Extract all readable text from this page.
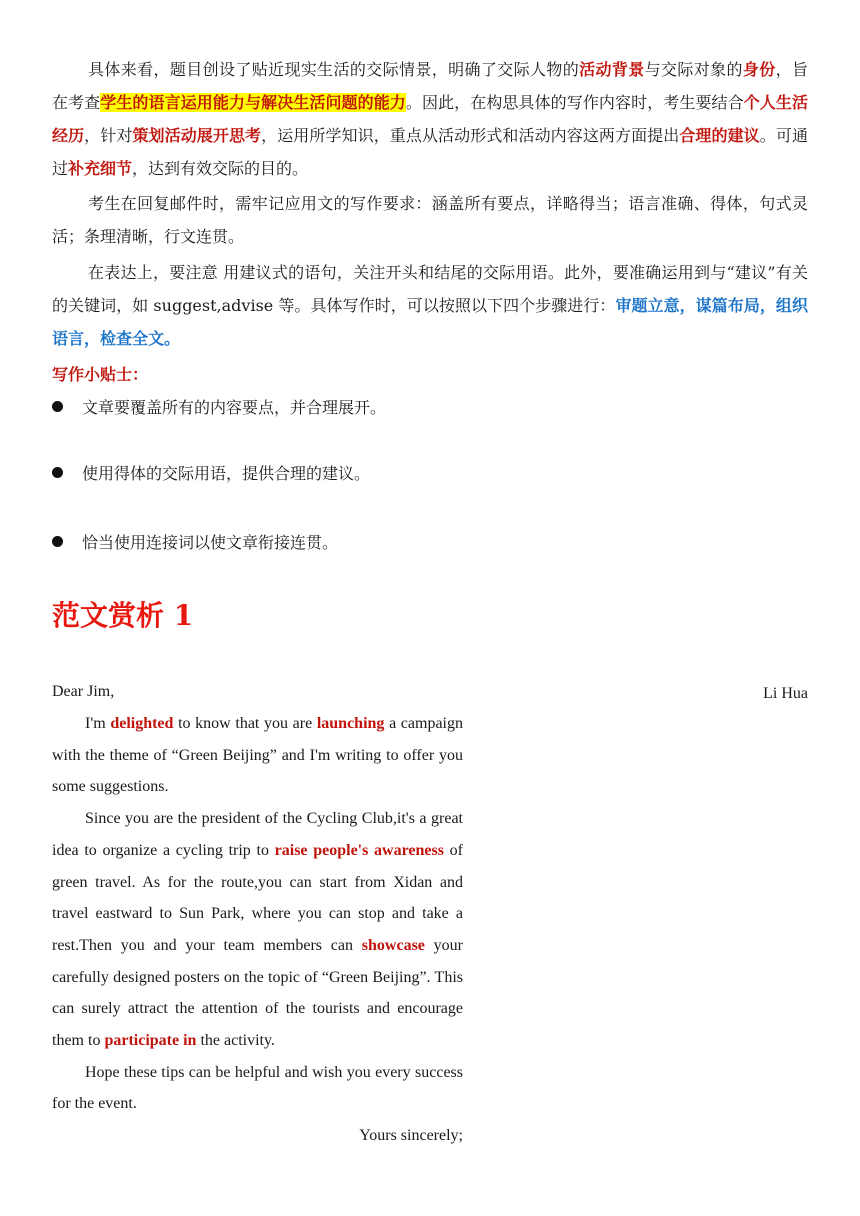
具体来看，题目创设了贴近现实生活的交际情景，明确了交际人物的活动背景与交际对象的身份，旨在考查学生的语言运用能力与解决生活问题的能力。因此，在构思具体的写作内容时，考生要结合个人生活经历，针对策划活动展开思考，运用所学知识，重点从活动形式和活动内容这两方面提出合理的建议。可通过补充细节，达到有效交际的目的。
考生在回复邮件时，需牢记应用文的写作要求：涵盖所有要点，详略得当；语言准确、得体，句式灵活；条理清晰，行文连贯。
在表达上，要注意 用建议式的语句，关注开头和结尾的交际用语。此外，要准确运用到与“建议”有关的关键词，如 suggest,advise 等。具体写作时，可以按照以下四个步骤进行：审题立意，谋篇布局，组织语言，检查全文。
写作小贴士：
文章要覆盖所有的内容要点，并合理展开。
使用得体的交际用语，提供合理的建议。
恰当使用连接词以使文章衔接连贯。
范文赏析 1
Dear Jim,	Li Hua

I'm delighted to know that you are launching a campaign with the theme of “Green Beijing” and I'm writing to offer you some suggestions.

Since you are the president of the Cycling Club,it's a great idea to organize a cycling trip to raise people's awareness of green travel. As for the route,you can start from Xidan and travel eastward to Sun Park, where you can stop and take a rest.Then you and your team members can showcase your carefully designed posters on the topic of “Green Beijing”. This can surely attract the attention of the tourists and encourage them to participate in the activity.

Hope these tips can be helpful and wish you every success for the event.

Yours sincerely;
